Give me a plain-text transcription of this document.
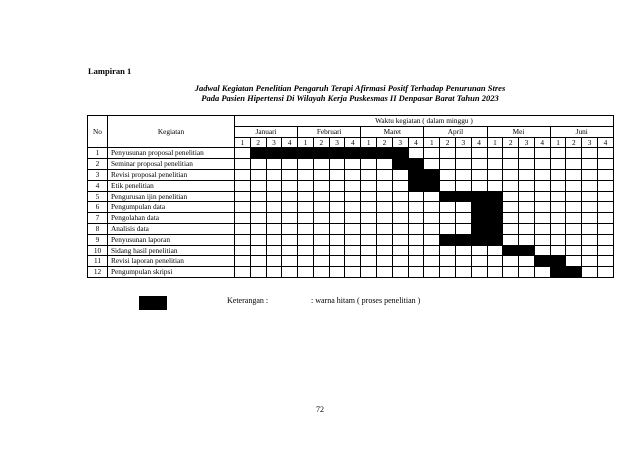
Lampiran 1
Jadwal Kegiatan Penelitian Pengaruh Terapi Afirmasi Positf Terhadap Penurunan Stres
Pada Pasien Hipertensi Di Wilayah Kerja Puskesmas II Denpasar Barat Tahun 2023
No	Kegiatan	Waktu kegiatan ( dalam minggu )																							
		Januari				Februari				Maret				April				Mei				Juni			
		1	2	3	4	1	2	3	4	1	2	3	4	1	2	3	4	1	2	3	4	1	2	3	4
1	Penyusunan proposal penelitian																								
2	Seminar proposal penelitian																								
3	Revisi proposal penelitian																								
4	Etik penelitian																								
5	Pengurusan ijin penelitian																								
6	Pengumpulan data																								
7	Pengolahan data																								
8	Analisis data																								
9	Penyusunan laporan																								
10	Sidang hasil penelitian																								
11	Revisi laporan penelitian																								
12	Pengumpulan skripsi																								
Keterangan :	: warna hitam ( proses penelitian )
72
